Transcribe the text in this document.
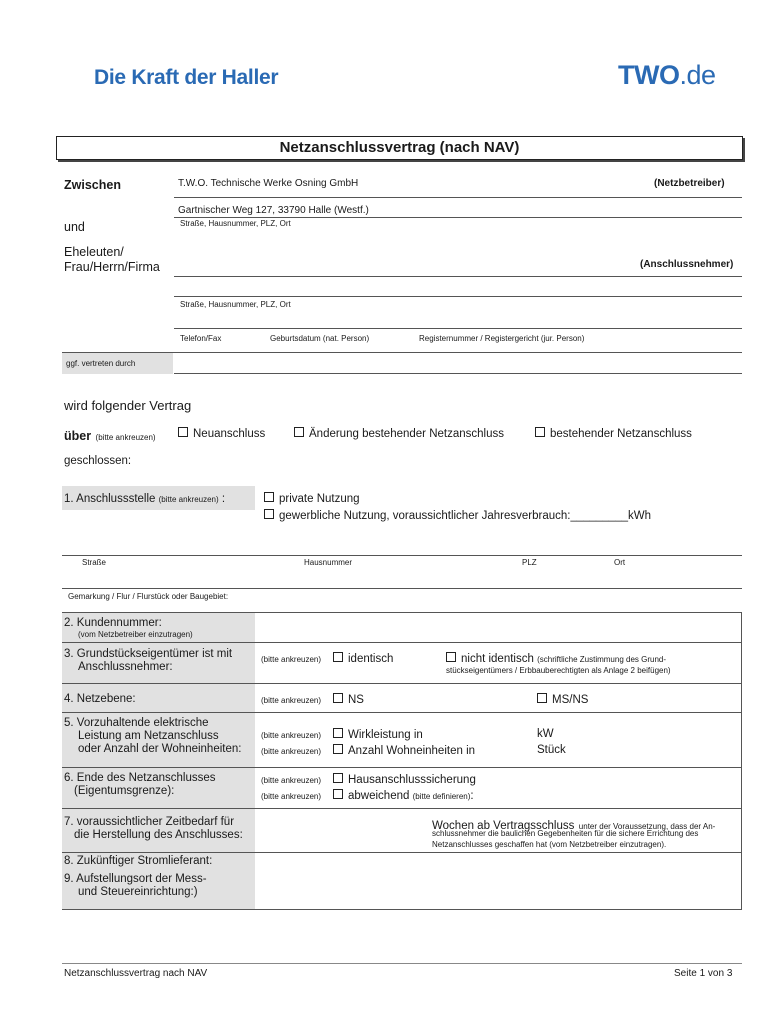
Die Kraft der Haller	TWO.de
Netzanschlussvertrag (nach NAV)
Zwischen	T.W.O. Technische Werke Osning GmbH	(Netzbetreiber)
Gartnischer Weg 127, 33790 Halle (Westf.)
Straße, Hausnummer, PLZ, Ort
und
Eheleuten/
Frau/Herrn/Firma	(Anschlussnehmer)
Straße, Hausnummer, PLZ, Ort
Telefon/Fax	Geburtsdatum (nat. Person)	Registernummer / Registergericht (jur. Person)
ggf. vertreten durch
wird folgender Vertrag
über (bitte ankreuzen)	Neuanschluss	Änderung bestehender Netzanschluss	bestehender Netzanschluss
geschlossen:
1. Anschlussstelle (bitte ankreuzen) :	private Nutzung
gewerbliche Nutzung, voraussichtlicher Jahresverbrauch:_________kWh
Straße	Hausnummer	PLZ	Ort
Gemarkung / Flur / Flurstück oder Baugebiet:
2. Kundennummer:
(vom Netzbetreiber einzutragen)
3. Grundstückseigentümer ist mit
Anschlussnehmer:
(bitte ankreuzen)	identisch	nicht identisch (schriftliche Zustimmung des Grund-
stückseigentümers / Erbbauberechtigten als Anlage 2 beifügen)
4. Netzebene:	(bitte ankreuzen)	NS	MS/NS
5. Vorzuhaltende elektrische
Leistung am Netzanschluss
oder Anzahl der Wohneinheiten:
(bitte ankreuzen)	Wirkleistung in	kW
(bitte ankreuzen)	Anzahl Wohneinheiten in	Stück
6. Ende des Netzanschlusses
(Eigentumsgrenze):
(bitte ankreuzen)	Hausanschlusssicherung
(bitte ankreuzen)	abweichend (bitte definieren):
7. voraussichtlicher Zeitbedarf für
die Herstellung des Anschlusses:
Wochen ab Vertragsschluss unter der Voraussetzung, dass der An-
schlussnehmer die baulichen Gegebenheiten für die sichere Errichtung des
Netzanschlusses geschaffen hat (vom Netzbetreiber einzutragen).
8. Zukünftiger Stromlieferant:
9. Aufstellungsort der Mess-
und Steuereinrichtung:)
Netzanschlussvertrag nach NAV	Seite 1 von 3
